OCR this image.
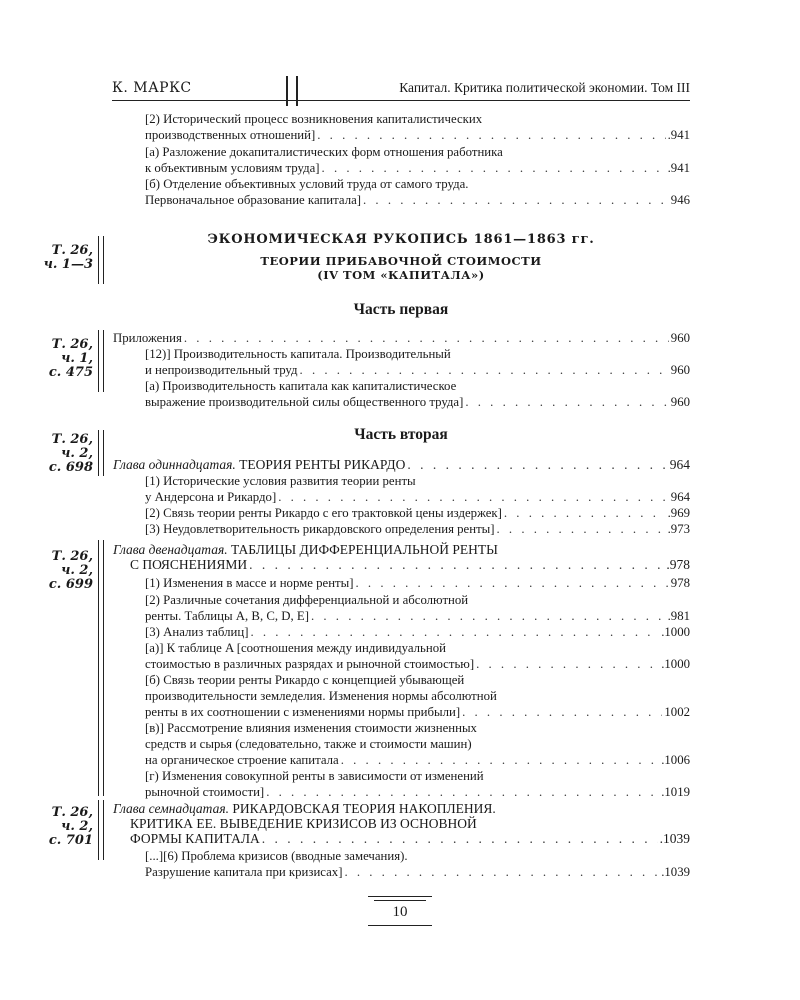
К. МАРКС	Капитал. Критика политической экономии. Том III
[2) Исторический процесс возникновения капиталистических
производственных отношений] . . .	.941
[а) Разложение докапиталистических форм отношения работника
к объективным условиям труда] . . .	.941
[б) Отделение объективных условий труда от самого труда.
Первоначальное образование капитала] . . .	946
Т. 26,
ч. 1—3
ЭКОНОМИЧЕСКАЯ РУКОПИСЬ 1861—1863 гг.
ТЕОРИИ ПРИБАВОЧНОЙ СТОИМОСТИ
(IV ТОМ «КАПИТАЛА»)
Часть первая
Т. 26,
ч. 1,
с. 475
Приложения . . .	960
[12)] Производительность капитала. Производительный
и непроизводительный труд . . .	960
[а) Производительность капитала как капиталистическое
выражение производительной силы общественного труда] . . .	960
Часть вторая
Т. 26,
ч. 2,
с. 698 Глава одиннадцатая. ТЕОРИЯ РЕНТЫ РИКАРДО . . .	964
[1) Исторические условия развития теории ренты
у Андерсона и Рикардо] . . .	964
[2) Связь теории ренты Рикардо с его трактовкой цены издержек] . . .	.969
[3) Неудовлетворительность рикардовского определения ренты] . . .	.973
Т. 26,
ч. 2,
с. 699
Глава двенадцатая. ТАБЛИЦЫ ДИФФЕРЕНЦИАЛЬНОЙ РЕНТЫ
С ПОЯСНЕНИЯМИ . . .	.978
[1) Изменения в массе и норме ренты] . . .	978
[2) Различные сочетания дифференциальной и абсолютной
ренты. Таблицы A, B, C, D, E] . . .	.981
[3) Анализ таблиц] . . .	.1000
[а)] К таблице A [соотношения между индивидуальной
стоимостью в различных разрядах и рыночной стоимостью] . . .	.1000
[б) Связь теории ренты Рикардо с концепцией убывающей
производительности земледелия. Изменения нормы абсолютной
ренты в их соотношении с изменениями нормы прибыли] . . .	1002
[в)] Рассмотрение влияния изменения стоимости жизненных
средств и сырья (следовательно, также и стоимости машин)
на органическое строение капитала . . .	.1006
[г) Изменения совокупной ренты в зависимости от изменений
рыночной стоимости] . . .	.1019
Т. 26,
ч. 2,
с. 701
Глава семнадцатая. РИКАРДОВСКАЯ ТЕОРИЯ НАКОПЛЕНИЯ.
КРИТИКА ЕЕ. ВЫВЕДЕНИЕ КРИЗИСОВ ИЗ ОСНОВНОЙ
ФОРМЫ КАПИТАЛА . . .	.1039
[...][6) Проблема кризисов (вводные замечания).
Разрушение капитала при кризисах] . . .	.1039
10
